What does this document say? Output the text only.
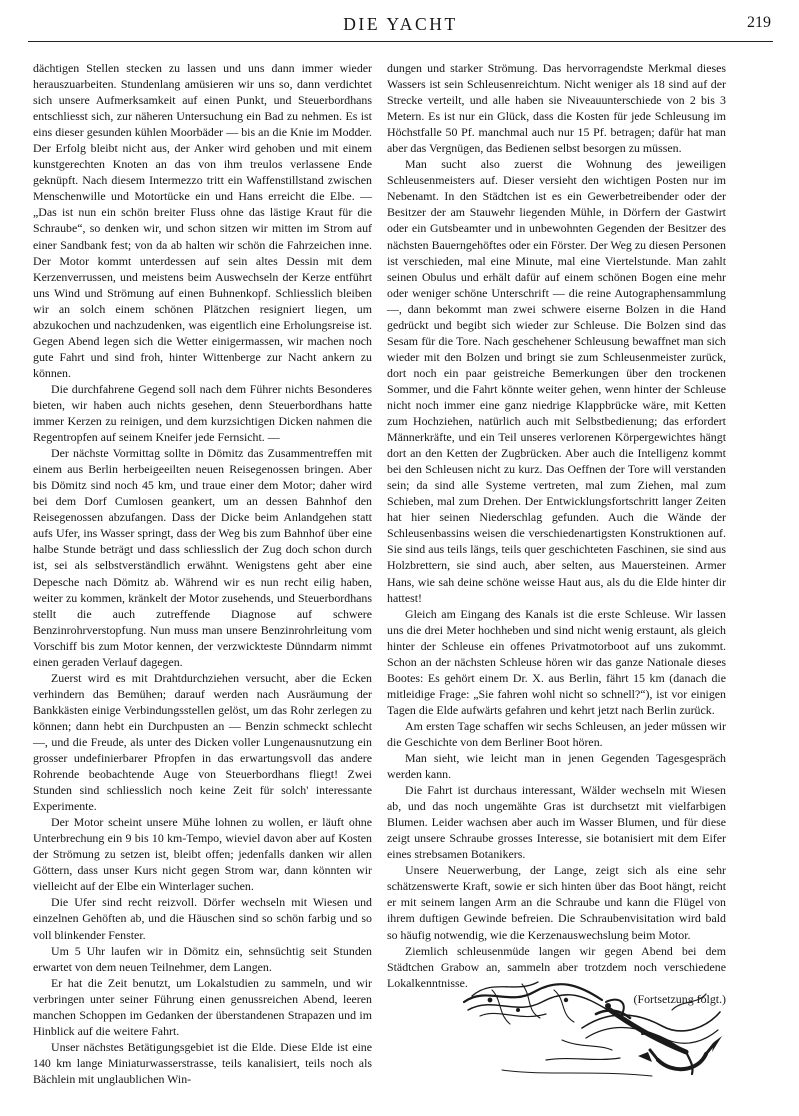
DIE YACHT	219

dächtigen Stellen stecken zu lassen und uns dann immer wieder herauszuarbeiten. Stundenlang amüsieren wir uns so, dann verdichtet sich unsere Aufmerksamkeit auf einen Punkt, und Steuerbordhans entschliesst sich, zur näheren Untersuchung ein Bad zu nehmen. Es ist eins dieser gesunden kühlen Moorbäder — bis an die Knie im Modder. Der Erfolg bleibt nicht aus, der Anker wird gehoben und mit einem kunstgerechten Knoten an das von ihm treulos verlassene Ende geknüpft. Nach diesem Intermezzo tritt ein Waffenstillstand zwischen Menschenwille und Motortücke ein und Hans erreicht die Elbe. — „Das ist nun ein schön breiter Fluss ohne das lästige Kraut für die Schraube“, so denken wir, und schon sitzen wir mitten im Strom auf einer Sandbank fest; von da ab halten wir schön die Fahrzeichen inne. Der Motor kommt unterdessen auf sein altes Dessin mit dem Kerzenverrussen, und meistens beim Auswechseln der Kerze entführt uns Wind und Strömung auf einen Buhnenkopf. Schliesslich bleiben wir an solch einem schönen Plätzchen resigniert liegen, um abzukochen und nachzudenken, was eigentlich eine Erholungsreise ist. Gegen Abend legen sich die Wetter einigermassen, wir machen noch gute Fahrt und sind froh, hinter Wittenberge zur Nacht ankern zu können.

Die durchfahrene Gegend soll nach dem Führer nichts Besonderes bieten, wir haben auch nichts gesehen, denn Steuerbordhans hatte immer Kerzen zu reinigen, und dem kurzsichtigen Dicken nahmen die Regentropfen auf seinem Kneifer jede Fernsicht. —

Der nächste Vormittag sollte in Dömitz das Zusammentreffen mit einem aus Berlin herbeigeeilten neuen Reisegenossen bringen. Aber bis Dömitz sind noch 45 km, und traue einer dem Motor; daher wird bei dem Dorf Cumlosen geankert, um an dessen Bahnhof den Reisegenossen abzufangen. Dass der Dicke beim Anlandgehen statt aufs Ufer, ins Wasser springt, dass der Weg bis zum Bahnhof über eine halbe Stunde beträgt und dass schliesslich der Zug doch schon durch ist, sei als selbstverständlich erwähnt. Wenigstens geht aber eine Depesche nach Dömitz ab. Während wir es nun recht eilig haben, weiter zu kommen, kränkelt der Motor zusehends, und Steuerbordhans stellt die auch zutreffende Diagnose auf schwere Benzinrohrverstopfung. Nun muss man unsere Benzinrohrleitung vom Vorschiff bis zum Motor kennen, der verzwickteste Dünndarm nimmt einen geraden Verlauf dagegen.

Zuerst wird es mit Drahtdurchziehen versucht, aber die Ecken verhindern das Bemühen; darauf werden nach Ausräumung der Bankkästen einige Verbindungsstellen gelöst, um das Rohr zerlegen zu können; dann hebt ein Durchpusten an — Benzin schmeckt schlecht —, und die Freude, als unter des Dicken voller Lungenausnutzung ein grosser undefinierbarer Pfropfen in das erwartungsvoll das andere Rohrende beobachtende Auge von Steuerbordhans fliegt! Zwei Stunden sind schliesslich noch keine Zeit für solch' interessante Experimente.

Der Motor scheint unsere Mühe lohnen zu wollen, er läuft ohne Unterbrechung ein 9 bis 10 km-Tempo, wieviel davon aber auf Kosten der Strömung zu setzen ist, bleibt offen; jedenfalls danken wir allen Göttern, dass unser Kurs nicht gegen Strom war, dann könnten wir vielleicht auf der Elbe ein Winterlager suchen.

Die Ufer sind recht reizvoll. Dörfer wechseln mit Wiesen und einzelnen Gehöften ab, und die Häuschen sind so schön farbig und so voll blinkender Fenster.

Um 5 Uhr laufen wir in Dömitz ein, sehnsüchtig seit Stunden erwartet von dem neuen Teilnehmer, dem Langen.

Er hat die Zeit benutzt, um Lokalstudien zu sammeln, und wir verbringen unter seiner Führung einen genussreichen Abend, leeren manchen Schoppen im Gedanken der überstandenen Strapazen und im Hinblick auf die weitere Fahrt.

Unser nächstes Betätigungsgebiet ist die Elde. Diese Elde ist eine 140 km lange Miniaturwasserstrasse, teils kanalisiert, teils noch als Bächlein mit unglaublichen Win-

dungen und starker Strömung. Das hervorragendste Merkmal dieses Wassers ist sein Schleusenreichtum. Nicht weniger als 18 sind auf der Strecke verteilt, und alle haben sie Niveauunterschiede von 2 bis 3 Metern. Es ist nur ein Glück, dass die Kosten für jede Schleusung im Höchstfalle 50 Pf. manchmal auch nur 15 Pf. betragen; dafür hat man aber das Vergnügen, das Bedienen selbst besorgen zu müssen.

Man sucht also zuerst die Wohnung des jeweiligen Schleusenmeisters auf. Dieser versieht den wichtigen Posten nur im Nebenamt. In den Städtchen ist es ein Gewerbetreibender oder der Besitzer der am Stauwehr liegenden Mühle, in Dörfern der Gastwirt oder ein Gutsbeamter und in unbewohnten Gegenden der Besitzer des nächsten Bauerngehöftes oder ein Förster. Der Weg zu diesen Personen ist verschieden, mal eine Minute, mal eine Viertelstunde. Man zahlt seinen Obulus und erhält dafür auf einem schönen Bogen eine mehr oder weniger schöne Unterschrift — die reine Autographensammlung —, dann bekommt man zwei schwere eiserne Bolzen in die Hand gedrückt und begibt sich wieder zur Schleuse. Die Bolzen sind das Sesam für die Tore. Nach geschehener Schleusung bewaffnet man sich wieder mit den Bolzen und bringt sie zum Schleusenmeister zurück, dort noch ein paar geistreiche Bemerkungen über den trockenen Sommer, und die Fahrt könnte weiter gehen, wenn hinter der Schleuse nicht noch immer eine ganz niedrige Klappbrücke wäre, mit Ketten zum Hochziehen, natürlich auch mit Selbstbedienung; das erfordert Männerkräfte, und ein Teil unseres verlorenen Körpergewichtes hängt dort an den Ketten der Zugbrücken. Aber auch die Intelligenz kommt bei den Schleusen nicht zu kurz. Das Oeffnen der Tore will verstanden sein; da sind alle Systeme vertreten, mal zum Ziehen, mal zum Schieben, mal zum Drehen. Der Entwicklungsfortschritt langer Zeiten hat hier seinen Niederschlag gefunden. Auch die Wände der Schleusenbassins weisen die verschiedenartigsten Konstruktionen auf. Sie sind aus teils längs, teils quer geschichteten Faschinen, sie sind aus Holzbrettern, sie sind auch, aber selten, aus Mauersteinen. Armer Hans, wie sah deine schöne weisse Haut aus, als du die Elde hinter dir hattest!

Gleich am Eingang des Kanals ist die erste Schleuse. Wir lassen uns die drei Meter hochheben und sind nicht wenig erstaunt, als gleich hinter der Schleuse ein offenes Privatmotorboot auf uns zukommt. Schon an der nächsten Schleuse hören wir das ganze Nationale dieses Bootes: Es gehört einem Dr. X. aus Berlin, fährt 15 km (danach die mitleidige Frage: „Sie fahren wohl nicht so schnell?“), ist vor einigen Tagen die Elde aufwärts gefahren und kehrt jetzt nach Berlin zurück.

Am ersten Tage schaffen wir sechs Schleusen, an jeder müssen wir die Geschichte von dem Berliner Boot hören.

Man sieht, wie leicht man in jenen Gegenden Tagesgespräch werden kann.

Die Fahrt ist durchaus interessant, Wälder wechseln mit Wiesen ab, und das noch ungemähte Gras ist durchsetzt mit vielfarbigen Blumen. Leider wachsen aber auch im Wasser Blumen, und für diese zeigt unsere Schraube grosses Interesse, sie botanisiert mit dem Eifer eines strebsamen Botanikers.

Unsere Neuerwerbung, der Lange, zeigt sich als eine sehr schätzenswerte Kraft, sowie er sich hinten über das Boot hängt, reicht er mit seinem langen Arm an die Schraube und kann die Flügel von ihrem duftigen Gewinde befreien. Die Schraubenvisitation wird bald so häufig notwendig, wie die Kerzenauswechslung beim Motor.

Ziemlich schleusenmüde langen wir gegen Abend bei dem Städtchen Grabow an, sammeln aber trotzdem noch verschiedene Lokalkenntnisse.

(Fortsetzung folgt.)
